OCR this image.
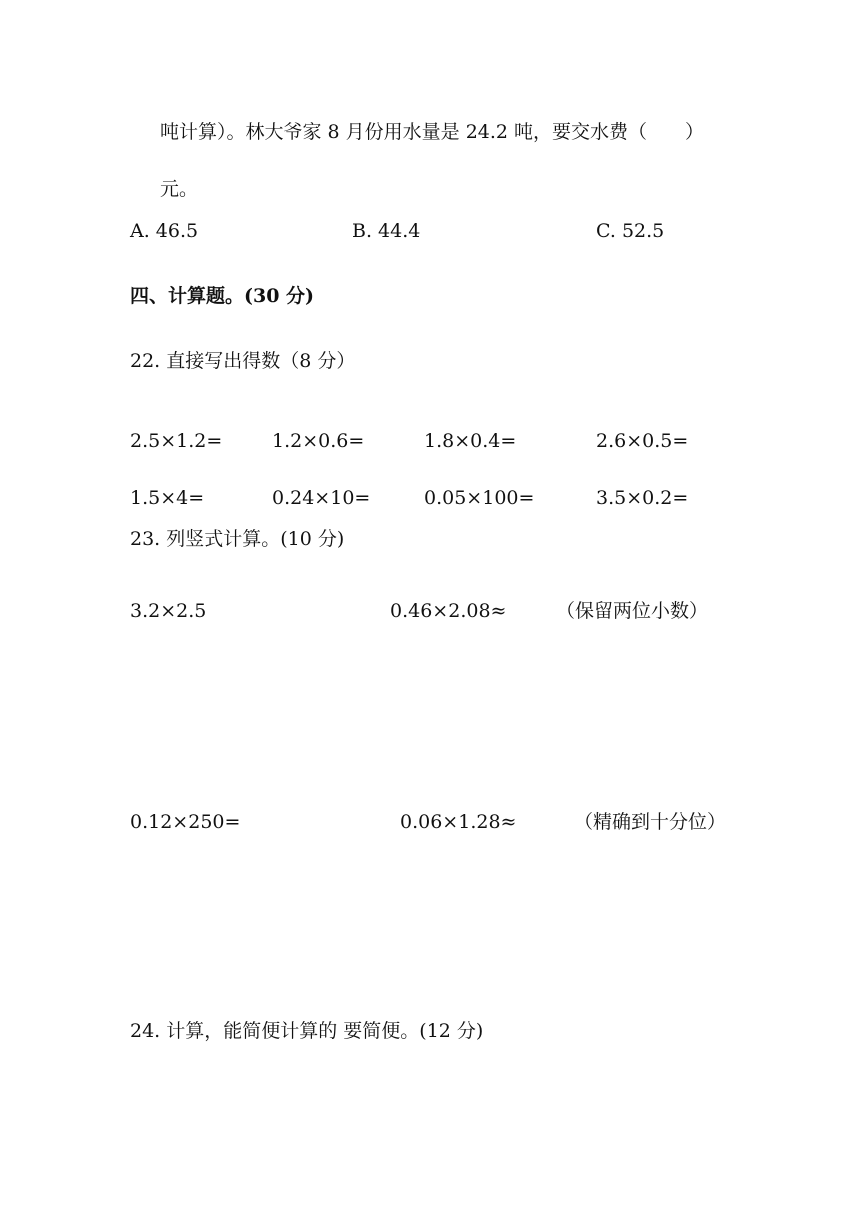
吨计算）。林大爷家 8 月份用水量是 24.2 吨，要交水费（　　）
元。
A. 46.5	B. 44.4	C. 52.5
四、计算题。(30 分)
22. 直接写出得数（8 分）
2.5×1.2=	1.2×0.6=	1.8×0.4=	2.6×0.5=
1.5×4=	0.24×10=	0.05×100=	3.5×0.2=
23. 列竖式计算。(10 分)
3.2×2.5	0.46×2.08≈	（保留两位小数）
0.12×250=	0.06×1.28≈	（精确到十分位）
24. 计算，能简便计算的 要简便。(12 分)
